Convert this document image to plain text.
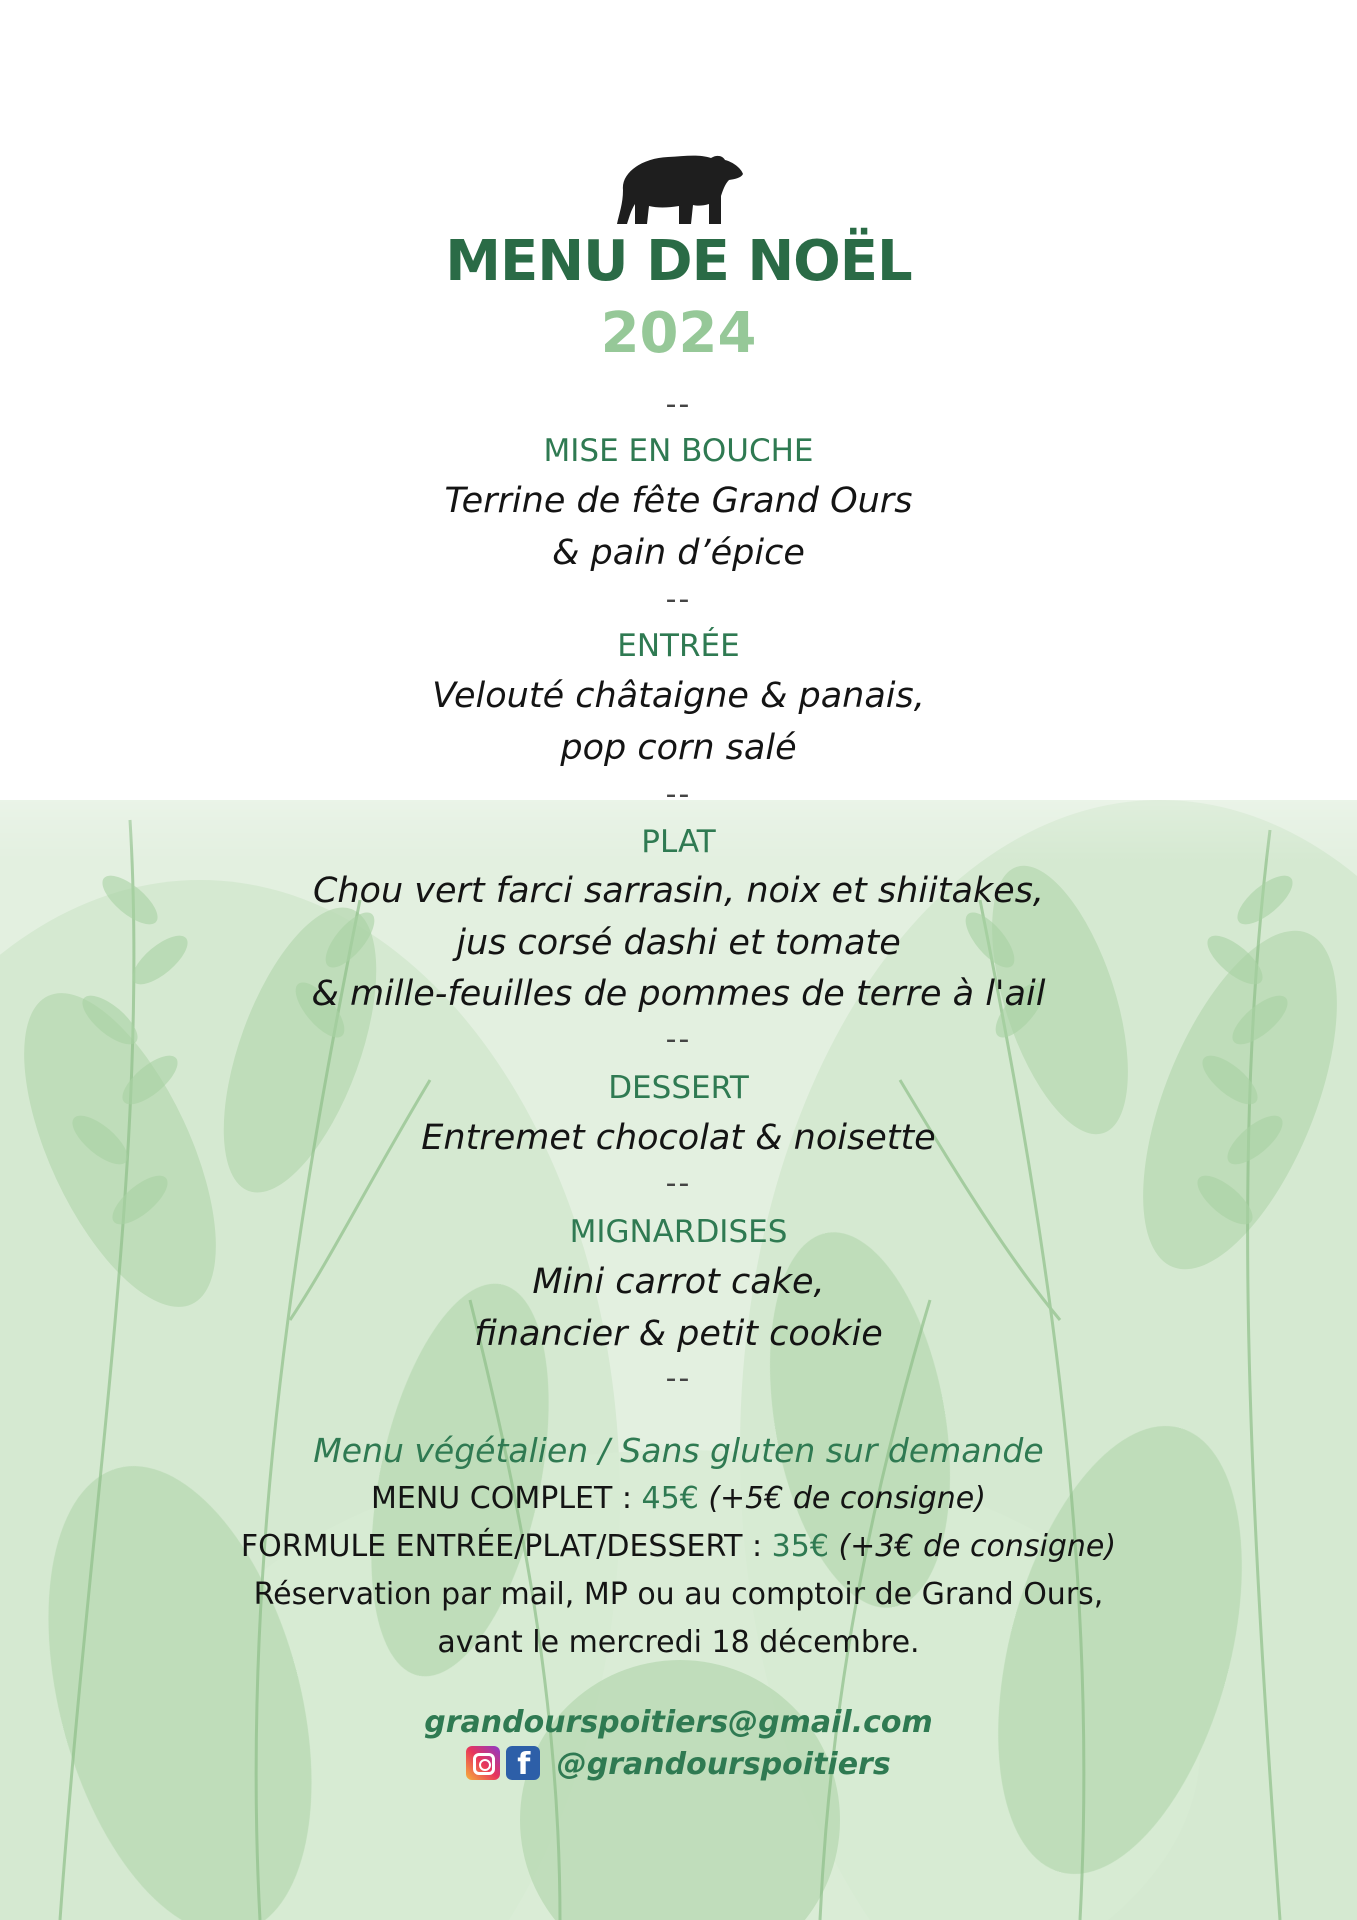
MENU DE NOËL
2024
--
MISE EN BOUCHE
Terrine de fête Grand Ours
& pain d’épice
--
ENTRÉE
Velouté châtaigne & panais,
pop corn salé
--
PLAT
Chou vert farci sarrasin, noix et shiitakes,
jus corsé dashi et tomate
& mille-feuilles de pommes de terre à l'ail
--
DESSERT
Entremet chocolat & noisette
--
MIGNARDISES
Mini carrot cake,
financier & petit cookie
--
Menu végétalien / Sans gluten sur demande
MENU COMPLET : 45€ (+5€ de consigne)
FORMULE ENTRÉE/PLAT/DESSERT : 35€ (+3€ de consigne)
Réservation par mail, MP ou au comptoir de Grand Ours,
avant le mercredi 18 décembre.
grandourspoitiers@gmail.com
f @grandourspoitiers
